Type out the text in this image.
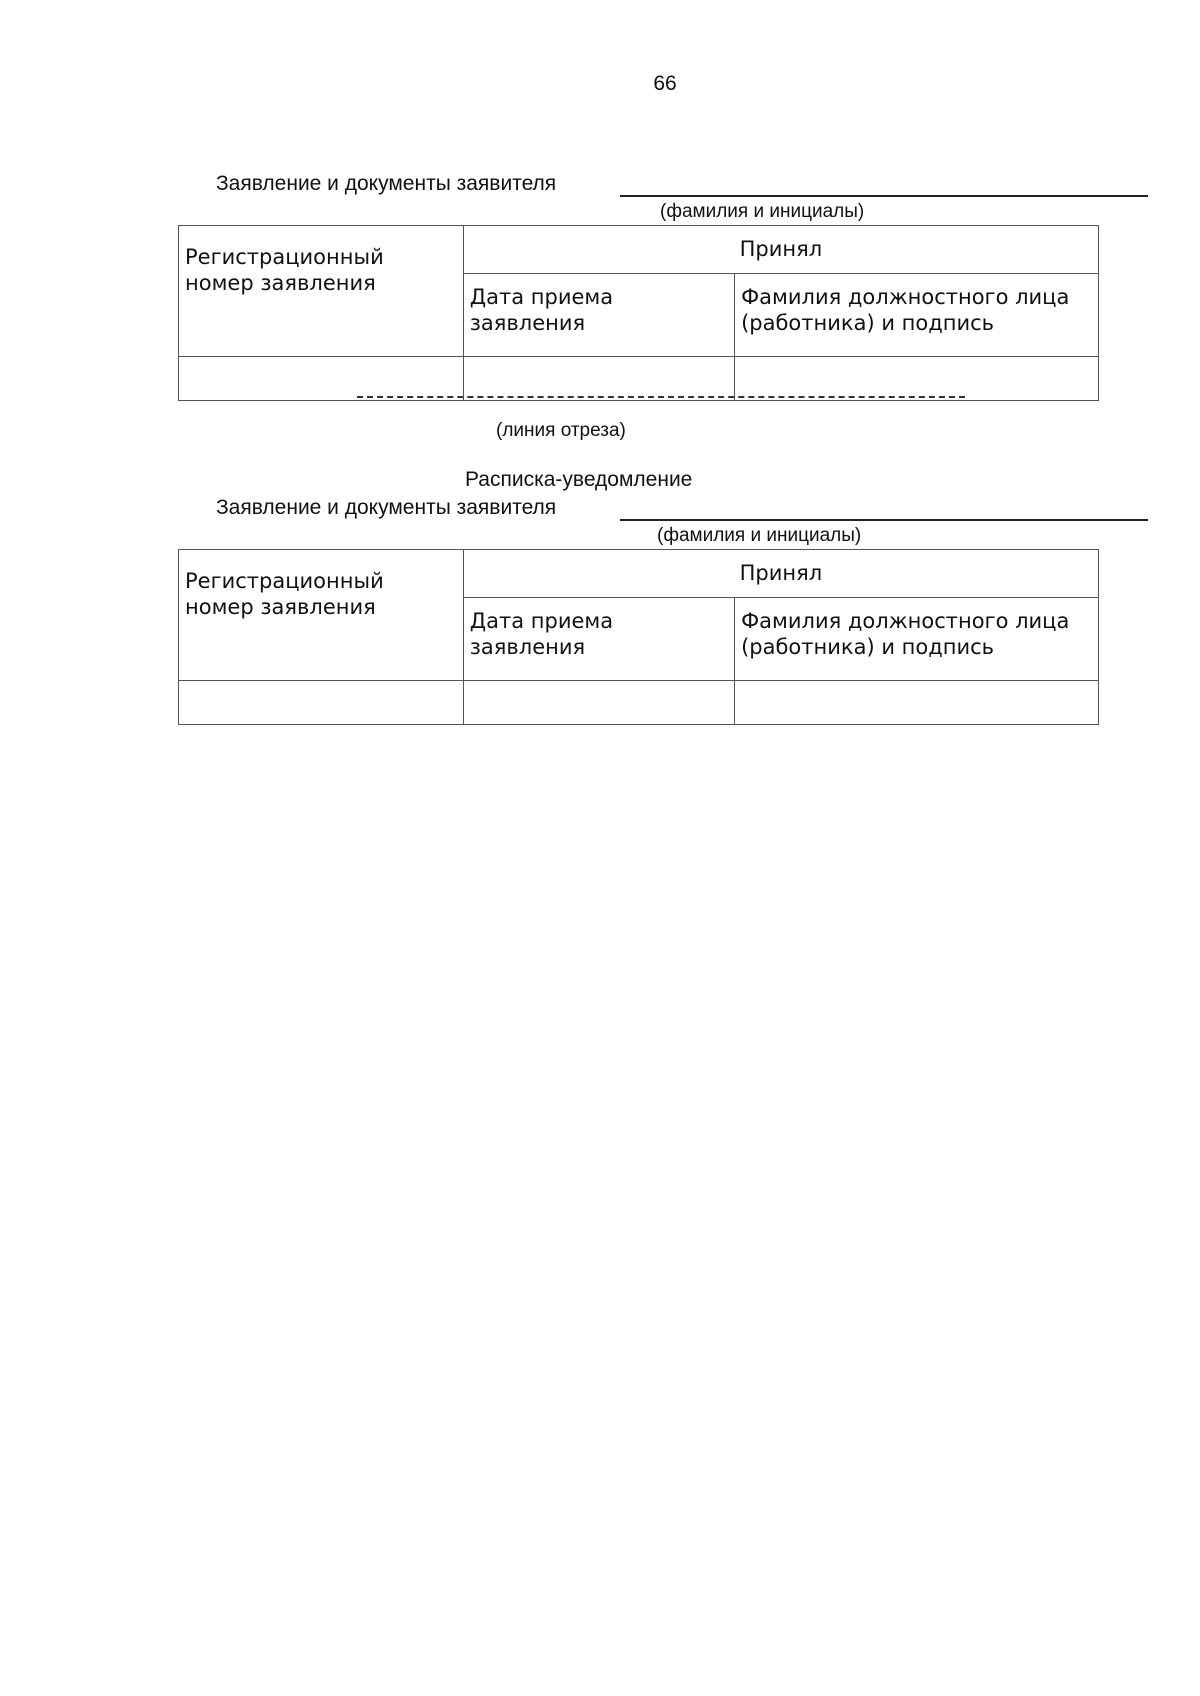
66
Заявление и документы заявителя
(фамилия и инициалы)
Регистрационный номер заявления	Принял	
	Дата приема заявления	Фамилия должностного лица (работника) и подпись

(линия отреза)
Расписка-уведомление
Заявление и документы заявителя
(фамилия и инициалы)
Регистрационный номер заявления	Принял	
	Дата приема заявления	Фамилия должностного лица (работника) и подпись
